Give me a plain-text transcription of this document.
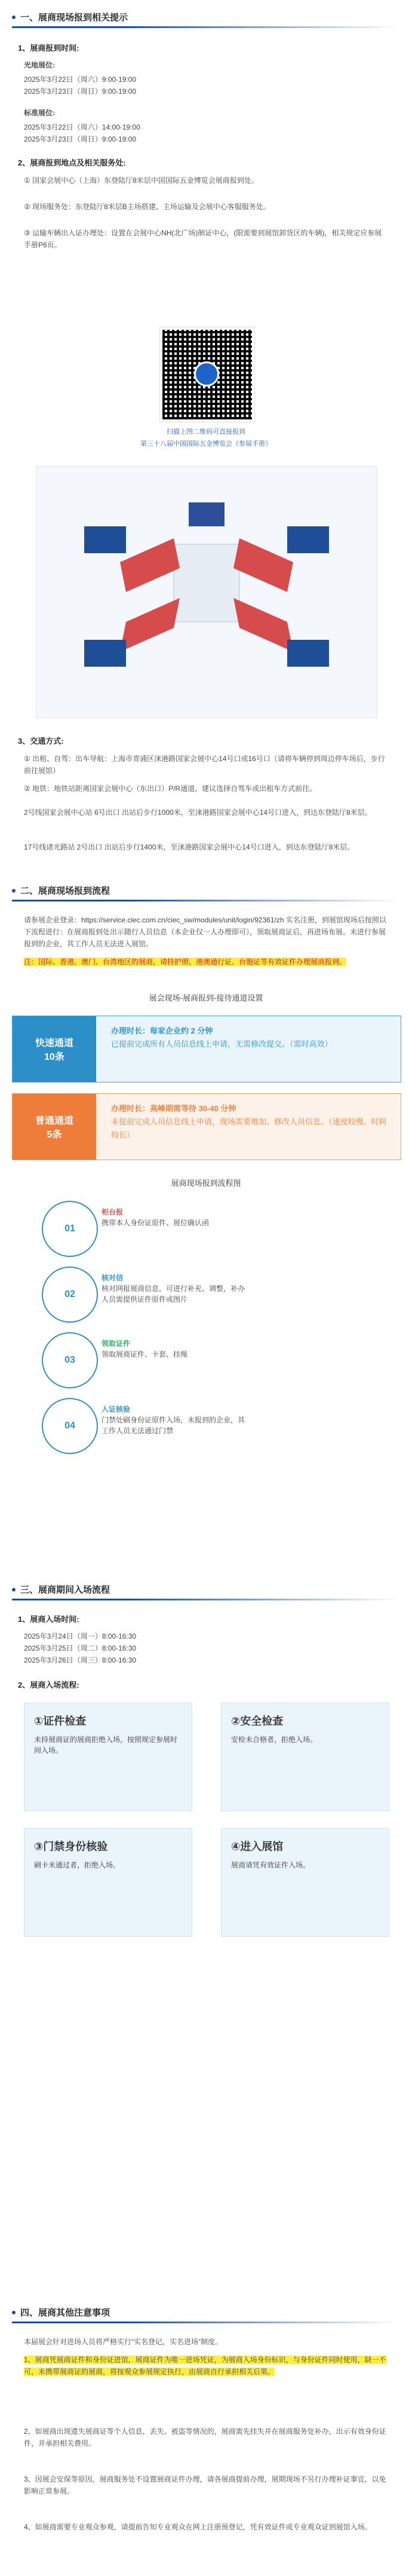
一、展商现场报到相关提示
1、展商报到时间:
光地展位:
2025年3月22日（周六）9:00-19:00
2025年3月23日（周日）9:00-19:00
标准展位:
2025年3月22日（周六）14:00-19:00
2025年3月23日（周日）9:00-19:00
2、展商报到地点及相关服务处:
① 国家会展中心（上海）东登陆厅8米层中国国际五金博览会展商报到处。
② 现场服务处：东登陆厅8米层B主场搭建、主场运输及会展中心客服服务处。
③ 运输车辆出入证办理处：设置在会展中心NH(北广场)制证中心，(限需要到展馆卸货区的车辆)，相关规定应参展手册P6页。
扫描上图二维码可直接报到
第三十八届中国国际五金博览会《参展手册》
3、交通方式:
① 出租、自驾：出车导航：上海市青浦区涞港路国家会展中心14号口或16号口（请将车辆停到周边停车场后，步行前往展馆）
② 地铁：地铁站距离国家会展中心（东出口）P/R通道，建议选择自驾车或出租车方式前往。
2号线国家会展中心站 6号出口 出站后步行1000米，至涞港路国家会展中心14号口进入，到达东登陆厅8米层。
17号线诸光路站 2号出口 出站后步行1400米，至涞港路国家会展中心14号口进入，到达东登陆厅8米层。
二、展商现场报到流程
请参展企业登录：https://service.ciec.com.cn/ciec_sw/modules/unit/login/92361/zh 实名注册，到展馆现场后按照以下流程进行：在展商报到处出示随行人员信息（本企业仅一人办理即可），领取展商证后，再进场布展。未进行参展报到的企业，其工作人员无法进入展馆。
注：国际、香港、澳门、台湾地区的展商，请持护照、港澳通行证、台胞证等有效证件办理展商报到。
展会现场-展商报到-接待通道设置
快速通道
10条
办理时长：每家企业约 2 分钟
已提前完成所有人员信息线上申请，无需修改提交。（需时高效）
普通通道
5条
办理时长：高峰期需等待 30-40 分钟
未提前完成人员信息线上申请，现场需要增加、修改人员信息。（速度较慢、时间较长）
展商现场报到流程图
01
柜台报
携带本人身份证原件、展位确认函
02
核对信
核对网报展商信息，可进行补充、调整，补办人员需提供证件原件或图片
03
领取证件
领取展商证件、卡套、挂绳
04
入证核验
门禁处刷身份证原件入场，未报到的企业，其工作人员无法通过门禁
三、展商期间入场流程
1、展商入场时间:
2025年3月24日（周一）8:00-16:30
2025年3月25日（周二）8:00-16:30
2025年3月26日（周三）8:00-16:30
2、展商入场流程:
①证件检查
未持展商证的展商拒绝入场，按照规定参展时间入场。
②安全检查
安检未合格者，拒绝入场。
③门禁身份核验
刷卡未通过者，拒绝入场。
④进入展馆
展商请凭有效证件入场。
四、展商其他注意事项
本届展会针对进场人员将严格实行“实名登记，实名进场”制度。
1、展商凭展商证件和身份证进馆，展商证件为唯一进场凭证，为展商入场身份标识，与身份证件同时使用，缺一不可，未携带展商证的展商，将按观众参展规定执行，由展商自行承担相关后果。
2、如展商出现遗失展商证等个人信息，丢失、被盗等情况的，展商需先挂失并在展商服务处补办，出示有效身份证件，并承担相关费用。
3、因展会安保等原因，展商服务处不设置展商证件办理，请各展商提前办理，展期现场不另行办理补证事宜，以免影响正常参展。
4、如展商需要专业观众参观，请提前告知专业观众在网上注册预登记，凭有效证件或专业观众证到展馆入场。
